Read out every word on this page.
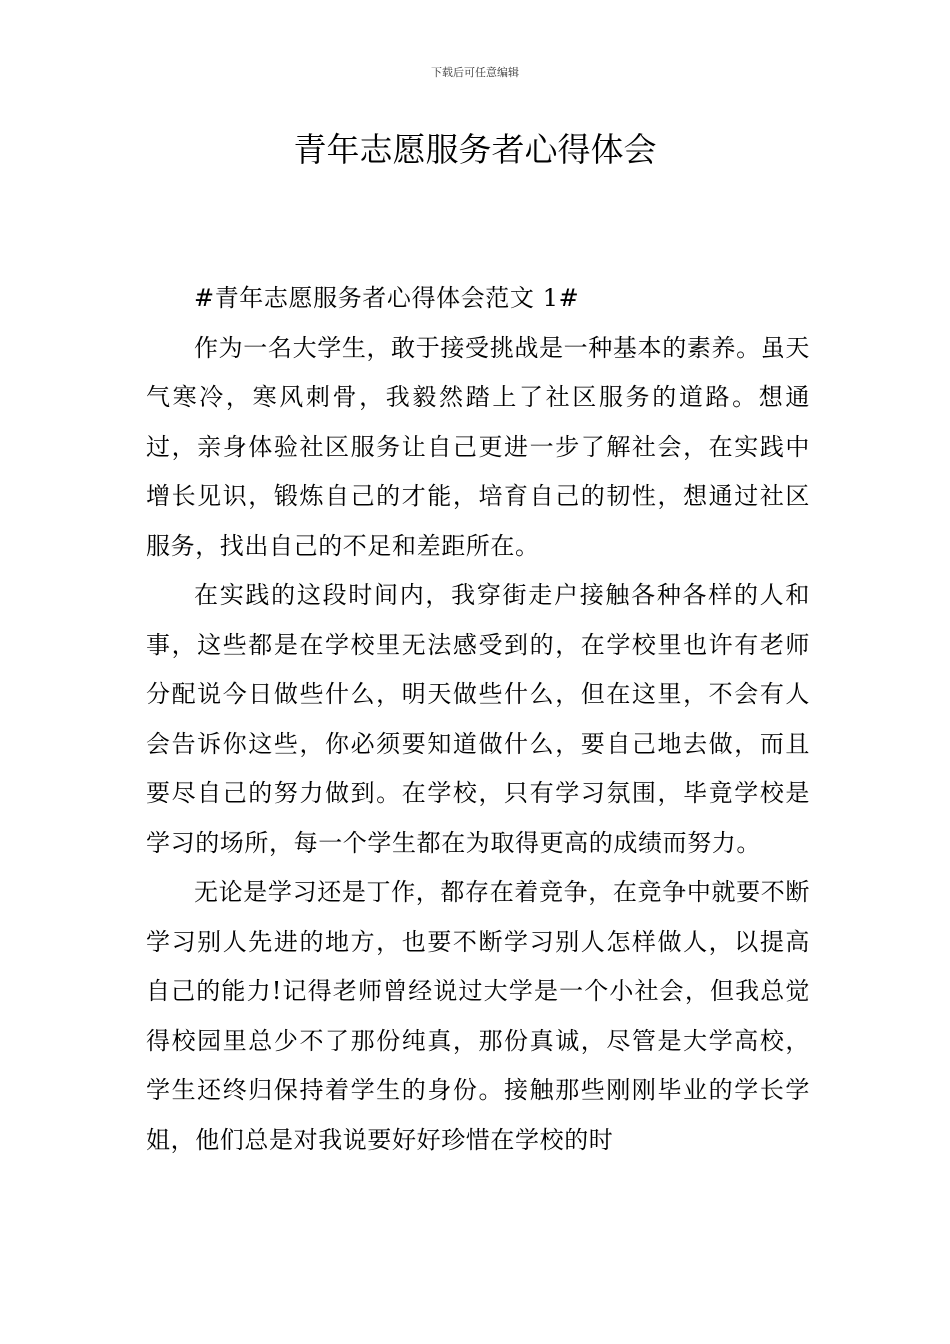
下载后可任意编辑
青年志愿服务者心得体会

#青年志愿服务者心得体会范文 1#

作为一名大学生，敢于接受挑战是一种基本的素养。虽天气寒冷，寒风刺骨，我毅然踏上了社区服务的道路。想通过，亲身体验社区服务让自己更进一步了解社会，在实践中增长见识，锻炼自己的才能，培育自己的韧性，想通过社区服务，找出自己的不足和差距所在。

在实践的这段时间内，我穿街走户接触各种各样的人和事，这些都是在学校里无法感受到的，在学校里也许有老师分配说今日做些什么，明天做些什么，但在这里，不会有人会告诉你这些，你必须要知道做什么，要自己地去做，而且要尽自己的努力做到。在学校，只有学习氛围，毕竟学校是学习的场所，每一个学生都在为取得更高的成绩而努力。

无论是学习还是丁作，都存在着竞争，在竞争中就要不断学习别人先进的地方，也要不断学习别人怎样做人，以提高自己的能力!记得老师曾经说过大学是一个小社会，但我总觉得校园里总少不了那份纯真，那份真诚，尽管是大学高校，学生还终归保持着学生的身份。接触那些刚刚毕业的学长学姐，他们总是对我说要好好珍惜在学校的时
